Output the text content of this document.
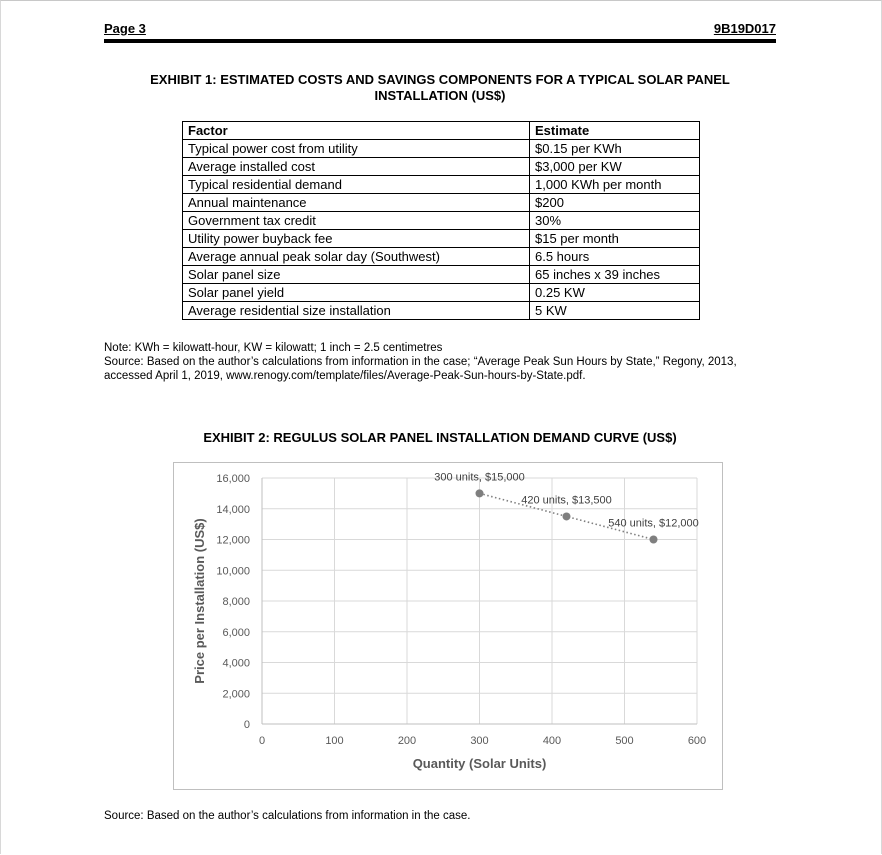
Page 3	9B19D017
EXHIBIT 1: ESTIMATED COSTS AND SAVINGS COMPONENTS FOR A TYPICAL SOLAR PANEL
INSTALLATION (US$)
Factor	Estimate
Typical power cost from utility	$0.15 per KWh
Average installed cost	$3,000 per KW
Typical residential demand	1,000 KWh per month
Annual maintenance	$200
Government tax credit	30%
Utility power buyback fee	$15 per month
Average annual peak solar day (Southwest)	6.5 hours
Solar panel size	65 inches x 39 inches
Solar panel yield	0.25 KW
Average residential size installation	5 KW
Note: KWh = kilowatt-hour, KW = kilowatt; 1 inch = 2.5 centimetres
Source: Based on the author’s calculations from information in the case; “Average Peak Sun Hours by State,” Regony, 2013,
accessed April 1, 2019, www.renogy.com/template/files/Average-Peak-Sun-hours-by-State.pdf.
EXHIBIT 2: REGULUS SOLAR PANEL INSTALLATION DEMAND CURVE (US$)
0
2,000
4,000
6,000
8,000
10,000
12,000
14,000
16,000
0	100	200	300	400	500	600
300 units, $15,000
420 units, $13,500
540 units, $12,000
Price per Installation (US$)
Quantity (Solar Units)
Source: Based on the author’s calculations from information in the case.
